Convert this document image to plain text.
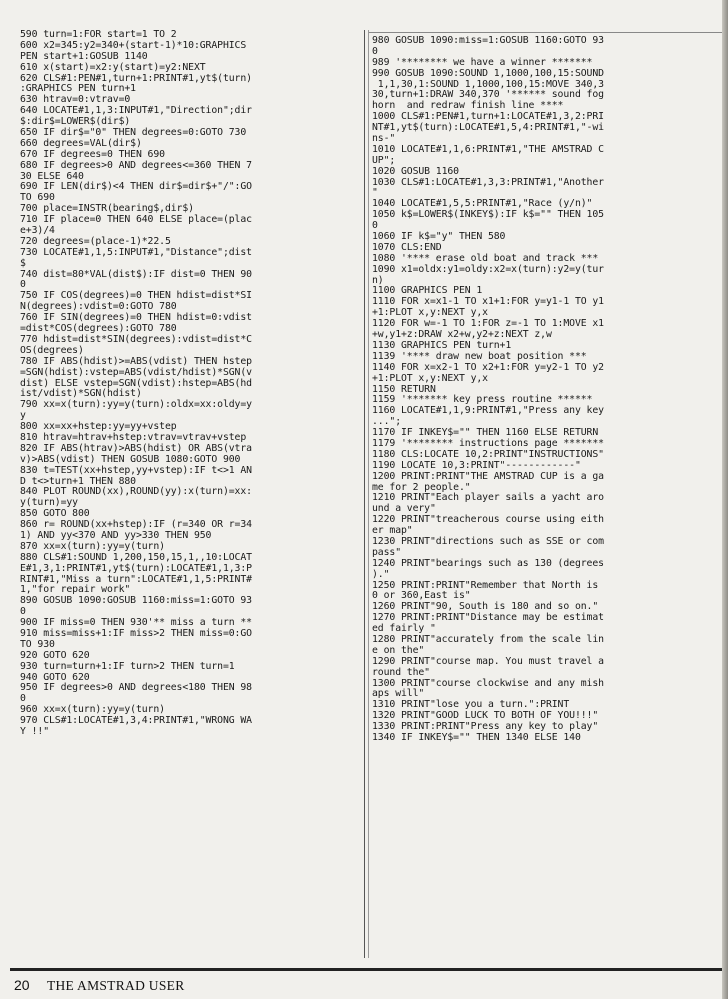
590 turn=1:FOR start=1 TO 2
600 x2=345:y2=340+(start-1)*10:GRAPHICS
PEN start+1:GOSUB 1140
610 x(start)=x2:y(start)=y2:NEXT
620 CLS#1:PEN#1,turn+1:PRINT#1,yt$(turn)
:GRAPHICS PEN turn+1
630 htrav=0:vtrav=0
640 LOCATE#1,1,3:INPUT#1,"Direction";dir
$:dir$=LOWER$(dir$)
650 IF dir$="0" THEN degrees=0:GOTO 730
660 degrees=VAL(dir$)
670 IF degrees=0 THEN 690
680 IF degrees>0 AND degrees<=360 THEN 7
30 ELSE 640
690 IF LEN(dir$)<4 THEN dir$=dir$+"/":GO
TO 690
700 place=INSTR(bearing$,dir$)
710 IF place=0 THEN 640 ELSE place=(plac
e+3)/4
720 degrees=(place-1)*22.5
730 LOCATE#1,1,5:INPUT#1,"Distance";dist
$
740 dist=80*VAL(dist$):IF dist=0 THEN 90
0
750 IF COS(degrees)=0 THEN hdist=dist*SI
N(degrees):vdist=0:GOTO 780
760 IF SIN(degrees)=0 THEN hdist=0:vdist
=dist*COS(degrees):GOTO 780
770 hdist=dist*SIN(degrees):vdist=dist*C
OS(degrees)
780 IF ABS(hdist)>=ABS(vdist) THEN hstep
=SGN(hdist):vstep=ABS(vdist/hdist)*SGN(v
dist) ELSE vstep=SGN(vdist):hstep=ABS(hd
ist/vdist)*SGN(hdist)
790 xx=x(turn):yy=y(turn):oldx=xx:oldy=y
y
800 xx=xx+hstep:yy=yy+vstep
810 htrav=htrav+hstep:vtrav=vtrav+vstep
820 IF ABS(htrav)>ABS(hdist) OR ABS(vtra
v)>ABS(vdist) THEN GOSUB 1080:GOTO 900
830 t=TEST(xx+hstep,yy+vstep):IF t<>1 AN
D t<>turn+1 THEN 880
840 PLOT ROUND(xx),ROUND(yy):x(turn)=xx:
y(turn)=yy
850 GOTO 800
860 r= ROUND(xx+hstep):IF (r=340 OR r=34
1) AND yy<370 AND yy>330 THEN 950
870 xx=x(turn):yy=y(turn)
880 CLS#1:SOUND 1,200,150,15,1,,10:LOCAT
E#1,3,1:PRINT#1,yt$(turn):LOCATE#1,1,3:P
RINT#1,"Miss a turn":LOCATE#1,1,5:PRINT#
1,"for repair work"
890 GOSUB 1090:GOSUB 1160:miss=1:GOTO 93
0
900 IF miss=0 THEN 930'** miss a turn **
910 miss=miss+1:IF miss>2 THEN miss=0:GO
TO 930
920 GOTO 620
930 turn=turn+1:IF turn>2 THEN turn=1
940 GOTO 620
950 IF degrees>0 AND degrees<180 THEN 98
0
960 xx=x(turn):yy=y(turn)
970 CLS#1:LOCATE#1,3,4:PRINT#1,"WRONG WA
Y !!"
980 GOSUB 1090:miss=1:GOSUB 1160:GOTO 93
0
989 '******** we have a winner *******
990 GOSUB 1090:SOUND 1,1000,100,15:SOUND
1,1,30,1:SOUND 1,1000,100,15:MOVE 340,3
30,turn+1:DRAW 340,370 '****** sound fog
horn  and redraw finish line ****
1000 CLS#1:PEN#1,turn+1:LOCATE#1,3,2:PRI
NT#1,yt$(turn):LOCATE#1,5,4:PRINT#1,"-wi
ns-"
1010 LOCATE#1,1,6:PRINT#1,"THE AMSTRAD C
UP";
1020 GOSUB 1160
1030 CLS#1:LOCATE#1,3,3:PRINT#1,"Another
"
1040 LOCATE#1,5,5:PRINT#1,"Race (y/n)"
1050 k$=LOWER$(INKEY$):IF k$="" THEN 105
0
1060 IF k$="y" THEN 580
1070 CLS:END
1080 '**** erase old boat and track ***
1090 x1=oldx:y1=oldy:x2=x(turn):y2=y(tur
n)
1100 GRAPHICS PEN 1
1110 FOR x=x1-1 TO x1+1:FOR y=y1-1 TO y1
+1:PLOT x,y:NEXT y,x
1120 FOR w=-1 TO 1:FOR z=-1 TO 1:MOVE x1
+w,y1+z:DRAW x2+w,y2+z:NEXT z,w
1130 GRAPHICS PEN turn+1
1139 '**** draw new boat position ***
1140 FOR x=x2-1 TO x2+1:FOR y=y2-1 TO y2
+1:PLOT x,y:NEXT y,x
1150 RETURN
1159 '******* key press routine ******
1160 LOCATE#1,1,9:PRINT#1,"Press any key
...";
1170 IF INKEY$="" THEN 1160 ELSE RETURN
1179 '******** instructions page *******
1180 CLS:LOCATE 10,2:PRINT"INSTRUCTIONS"
1190 LOCATE 10,3:PRINT"------------"
1200 PRINT:PRINT"THE AMSTRAD CUP is a ga
me for 2 people."
1210 PRINT"Each player sails a yacht aro
und a very"
1220 PRINT"treacherous course using eith
er map"
1230 PRINT"directions such as SSE or com
pass"
1240 PRINT"bearings such as 130 (degrees
)."
1250 PRINT:PRINT"Remember that North is
0 or 360,East is"
1260 PRINT"90, South is 180 and so on."
1270 PRINT:PRINT"Distance may be estimat
ed fairly "
1280 PRINT"accurately from the scale lin
e on the"
1290 PRINT"course map. You must travel a
round the"
1300 PRINT"course clockwise and any mish
aps will"
1310 PRINT"lose you a turn.":PRINT
1320 PRINT"GOOD LUCK TO BOTH OF YOU!!!"
1330 PRINT:PRINT"Press any key to play"
1340 IF INKEY$="" THEN 1340 ELSE 140
20 THE AMSTRAD USER
